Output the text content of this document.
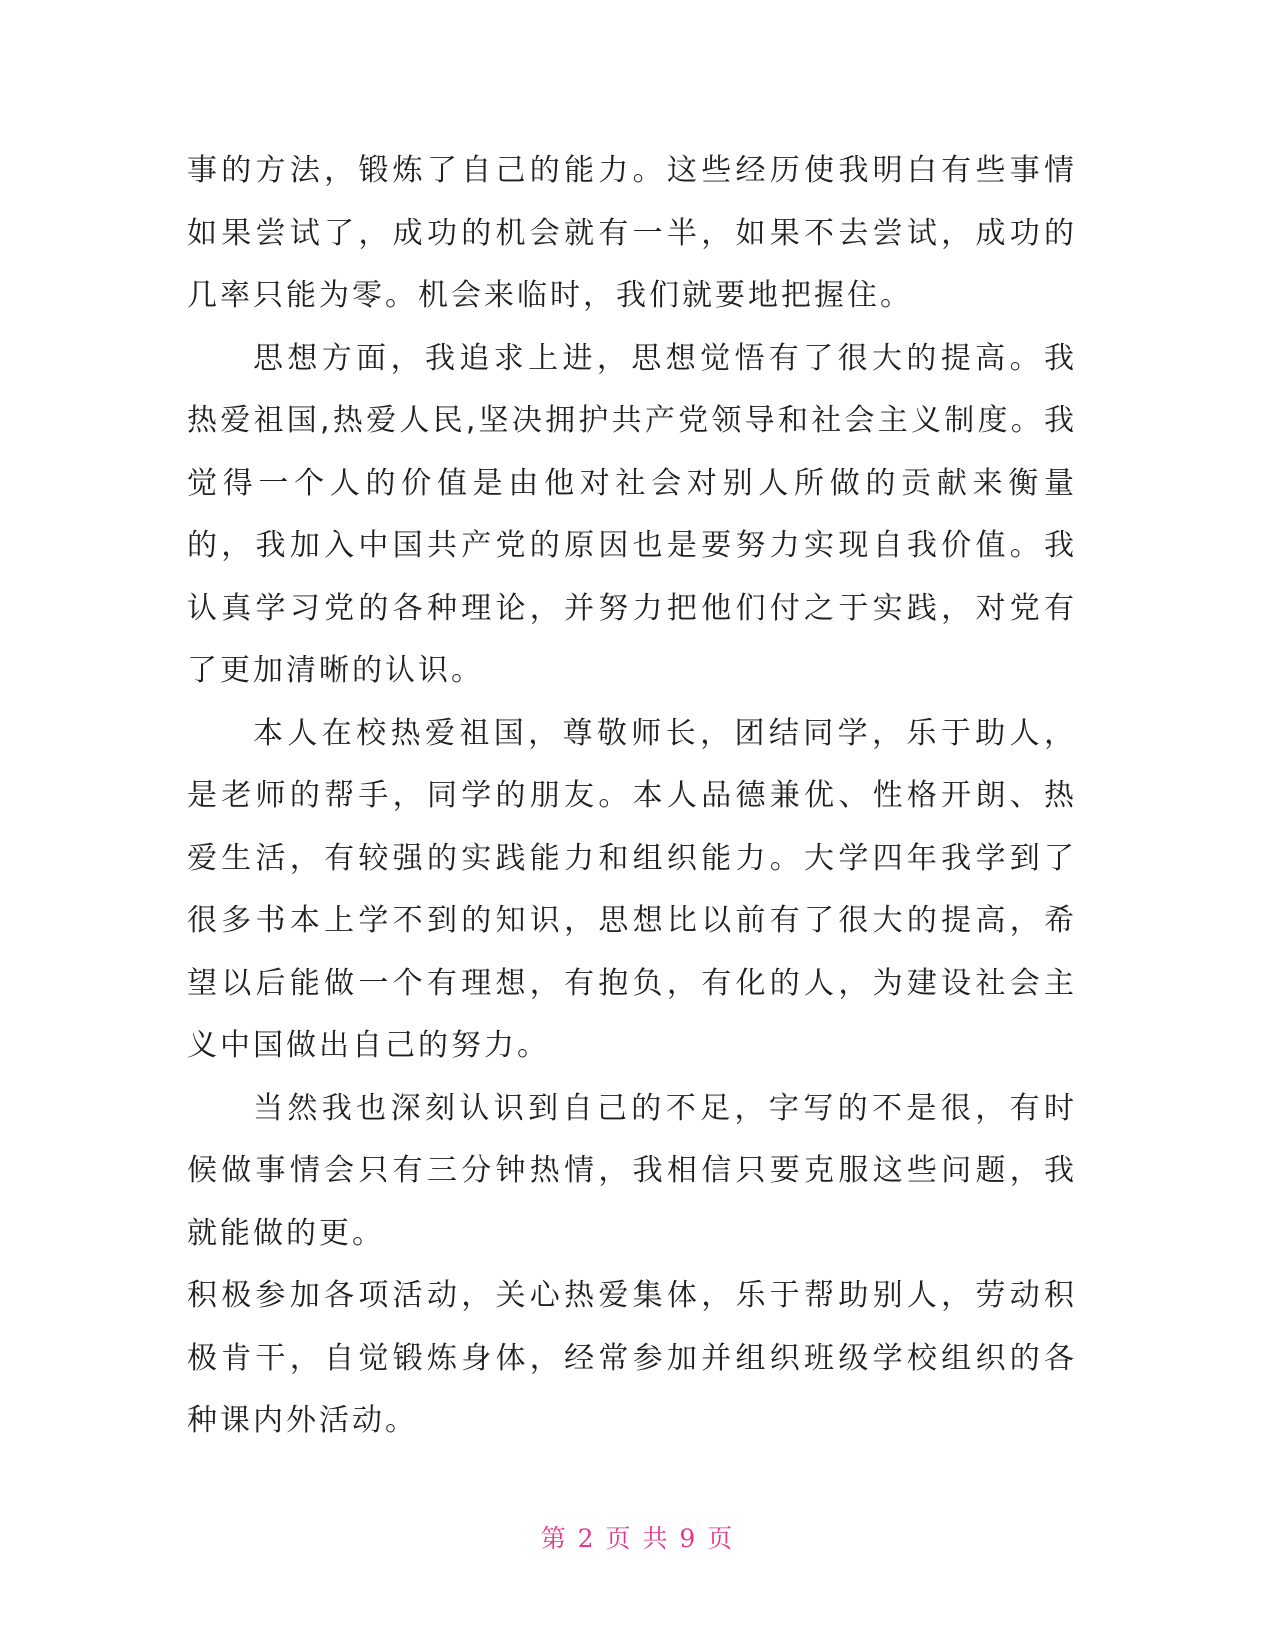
事的方法，锻炼了自己的能力。这些经历使我明白有些事情如果尝试了，成功的机会就有一半，如果不去尝试，成功的几率只能为零。机会来临时，我们就要地把握住。

思想方面，我追求上进，思想觉悟有了很大的提高。我热爱祖国,热爱人民,坚决拥护共产党领导和社会主义制度。我觉得一个人的价值是由他对社会对别人所做的贡献来衡量的，我加入中国共产党的原因也是要努力实现自我价值。我认真学习党的各种理论，并努力把他们付之于实践，对党有了更加清晰的认识。

本人在校热爱祖国，尊敬师长，团结同学，乐于助人，是老师的帮手，同学的朋友。本人品德兼优、性格开朗、热爱生活，有较强的实践能力和组织能力。大学四年我学到了很多书本上学不到的知识，思想比以前有了很大的提高，希望以后能做一个有理想，有抱负，有化的人，为建设社会主义中国做出自己的努力。

当然我也深刻认识到自己的不足，字写的不是很，有时候做事情会只有三分钟热情，我相信只要克服这些问题，我就能做的更。

积极参加各项活动，关心热爱集体，乐于帮助别人，劳动积极肯干，自觉锻炼身体，经常参加并组织班级学校组织的各种课内外活动。

第 2 页 共 9 页
